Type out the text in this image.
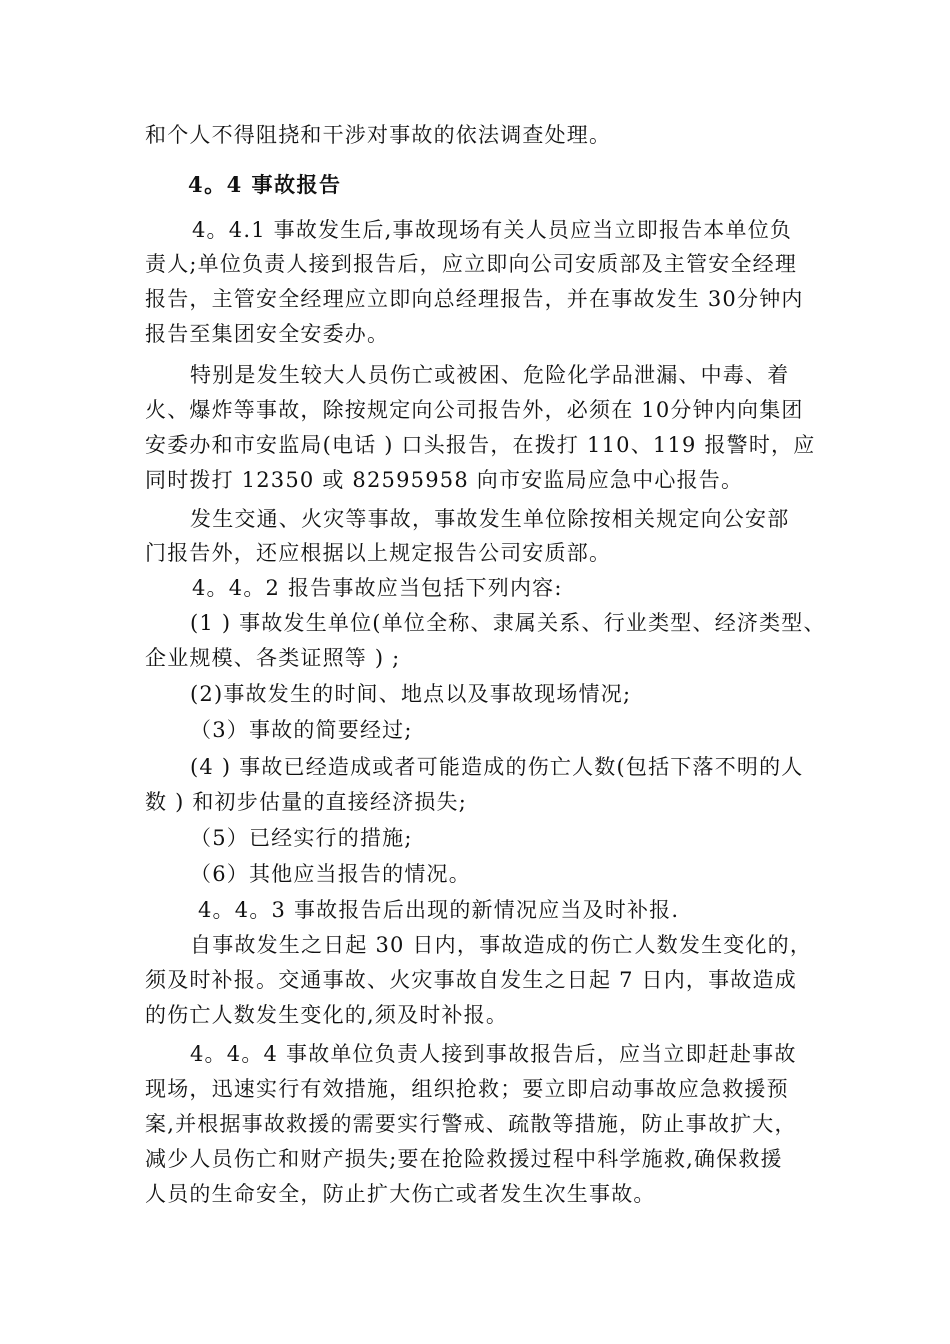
和个人不得阻挠和干涉对事故的依法调查处理。
4。4 事故报告
4。4.1 事故发生后,事故现场有关人员应当立即报告本单位负
责人;单位负责人接到报告后，应立即向公司安质部及主管安全经理
报告，主管安全经理应立即向总经理报告，并在事故发生 30分钟内
报告至集团安全安委办。
特别是发生较大人员伤亡或被困、危险化学品泄漏、中毒、着
火、爆炸等事故，除按规定向公司报告外，必须在 10分钟内向集团
安委办和市安监局(电话 ) 口头报告，在拨打 110、119 报警时，应
同时拨打 12350 或 82595958 向市安监局应急中心报告。
发生交通、火灾等事故，事故发生单位除按相关规定向公安部
门报告外，还应根据以上规定报告公司安质部。
4。4。2 报告事故应当包括下列内容:
(1 ) 事故发生单位(单位全称、隶属关系、行业类型、经济类型、
企业规模、各类证照等 ) ;
(2)事故发生的时间、地点以及事故现场情况;
（3）事故的简要经过;
(4 ) 事故已经造成或者可能造成的伤亡人数(包括下落不明的人
数 ) 和初步估量的直接经济损失;
（5）已经实行的措施;
（6）其他应当报告的情况。
4。4。3 事故报告后出现的新情况应当及时补报.
自事故发生之日起 30 日内，事故造成的伤亡人数发生变化的，
须及时补报。交通事故、火灾事故自发生之日起 7 日内，事故造成
的伤亡人数发生变化的,须及时补报。
4。4。4 事故单位负责人接到事故报告后，应当立即赶赴事故
现场，迅速实行有效措施，组织抢救；要立即启动事故应急救援预
案,并根据事故救援的需要实行警戒、疏散等措施，防止事故扩大，
减少人员伤亡和财产损失;要在抢险救援过程中科学施救,确保救援
人员的生命安全，防止扩大伤亡或者发生次生事故。
